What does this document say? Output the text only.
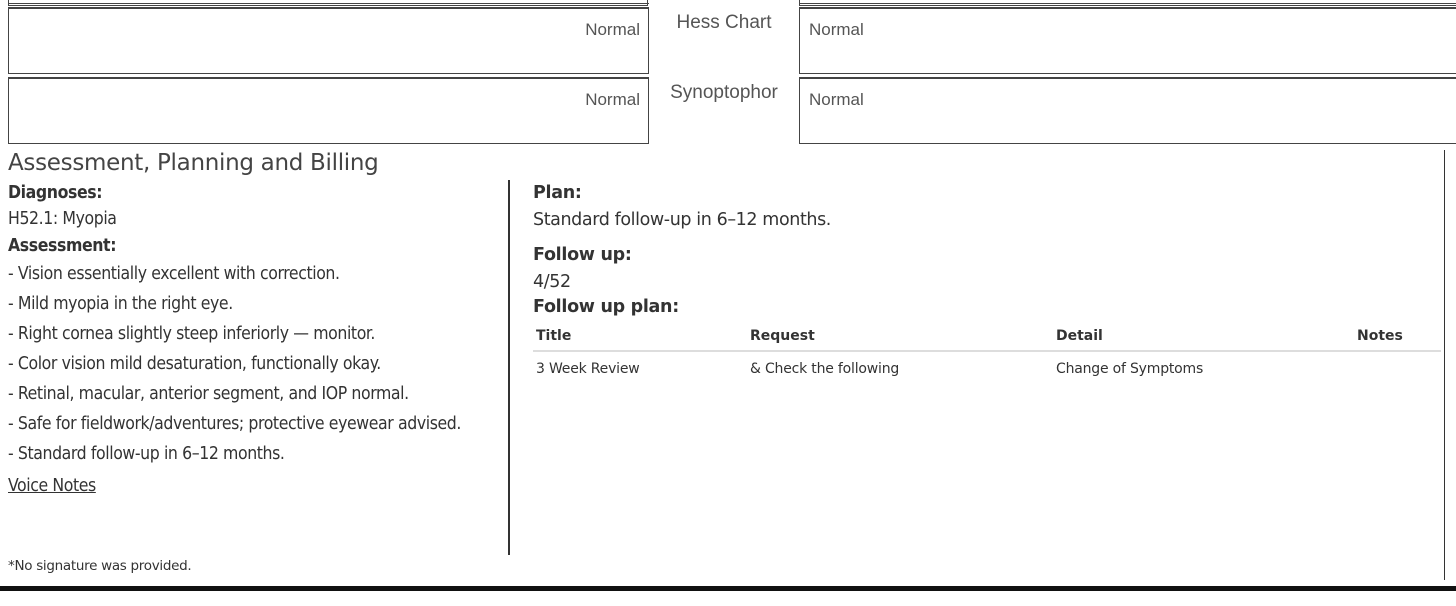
Normal	Hess Chart	Normal
Normal	Synoptophor	Normal
Assessment, Planning and Billing
Diagnoses:
H52.1: Myopia
Assessment:
- Vision essentially excellent with correction.
- Mild myopia in the right eye.
- Right cornea slightly steep inferiorly — monitor.
- Color vision mild desaturation, functionally okay.
- Retinal, macular, anterior segment, and IOP normal.
- Safe for fieldwork/adventures; protective eyewear advised.
- Standard follow-up in 6–12 months.
Voice Notes
*No signature was provided.
Plan:
Standard follow-up in 6–12 months.
Follow up:
4/52
Follow up plan:
Title	Request	Detail	Notes
3 Week Review	& Check the following	Change of Symptoms	
